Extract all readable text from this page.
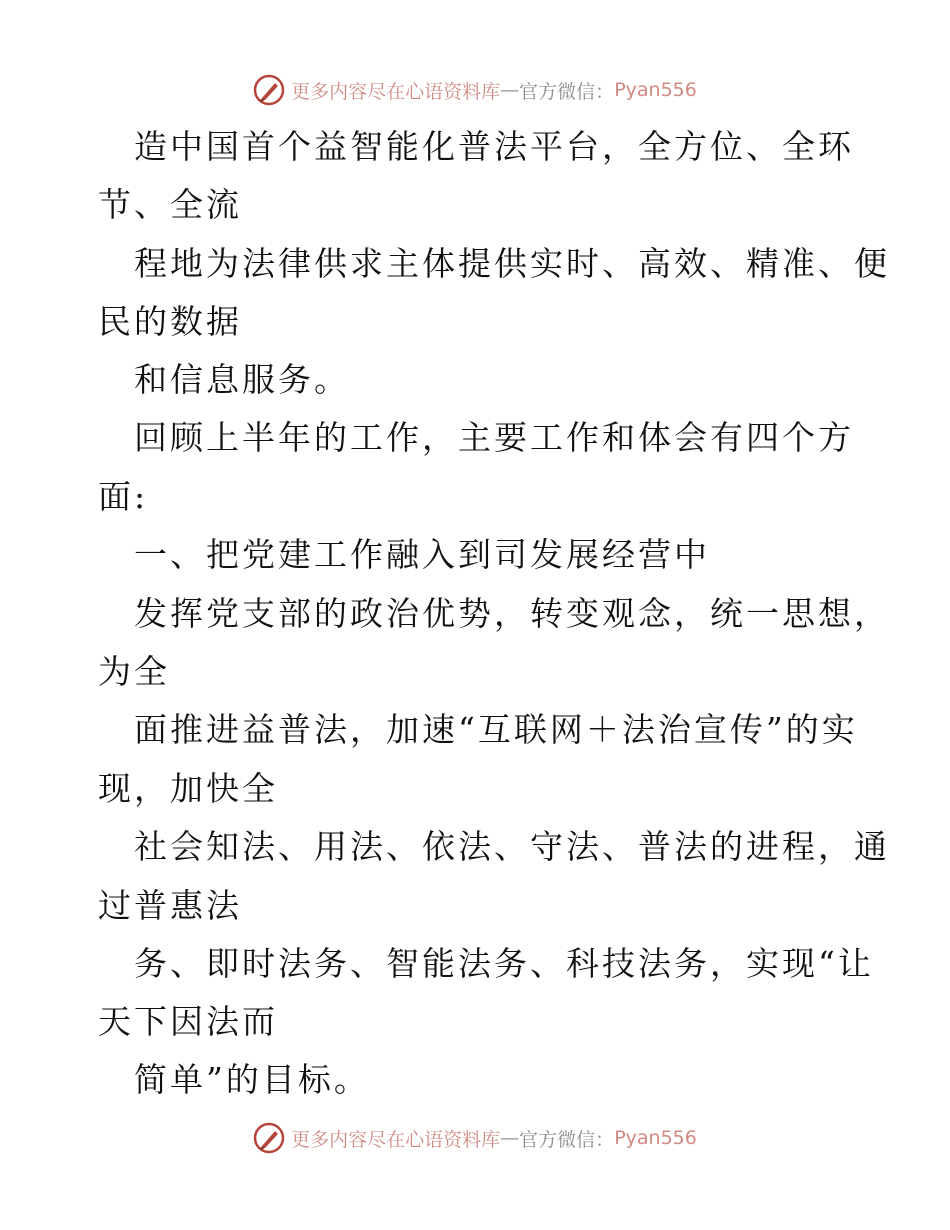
更多内容尽在心语资料库 — 官方微信： Pyan556
造中国首个益智能化普法平台，全方位、全环
节、全流
程地为法律供求主体提供实时、高效、精准、便
民的数据
和信息服务。
回顾上半年的工作，主要工作和体会有四个方
面:
一、把党建工作融入到司发展经营中
发挥党支部的政治优势，转变观念，统一思想，
为全
面推进益普法，加速“互联网＋法治宣传”的实
现，加快全
社会知法、用法、依法、守法、普法的进程，通
过普惠法
务、即时法务、智能法务、科技法务，实现“让
天下因法而
简单”的目标。
更多内容尽在心语资料库 — 官方微信： Pyan556
